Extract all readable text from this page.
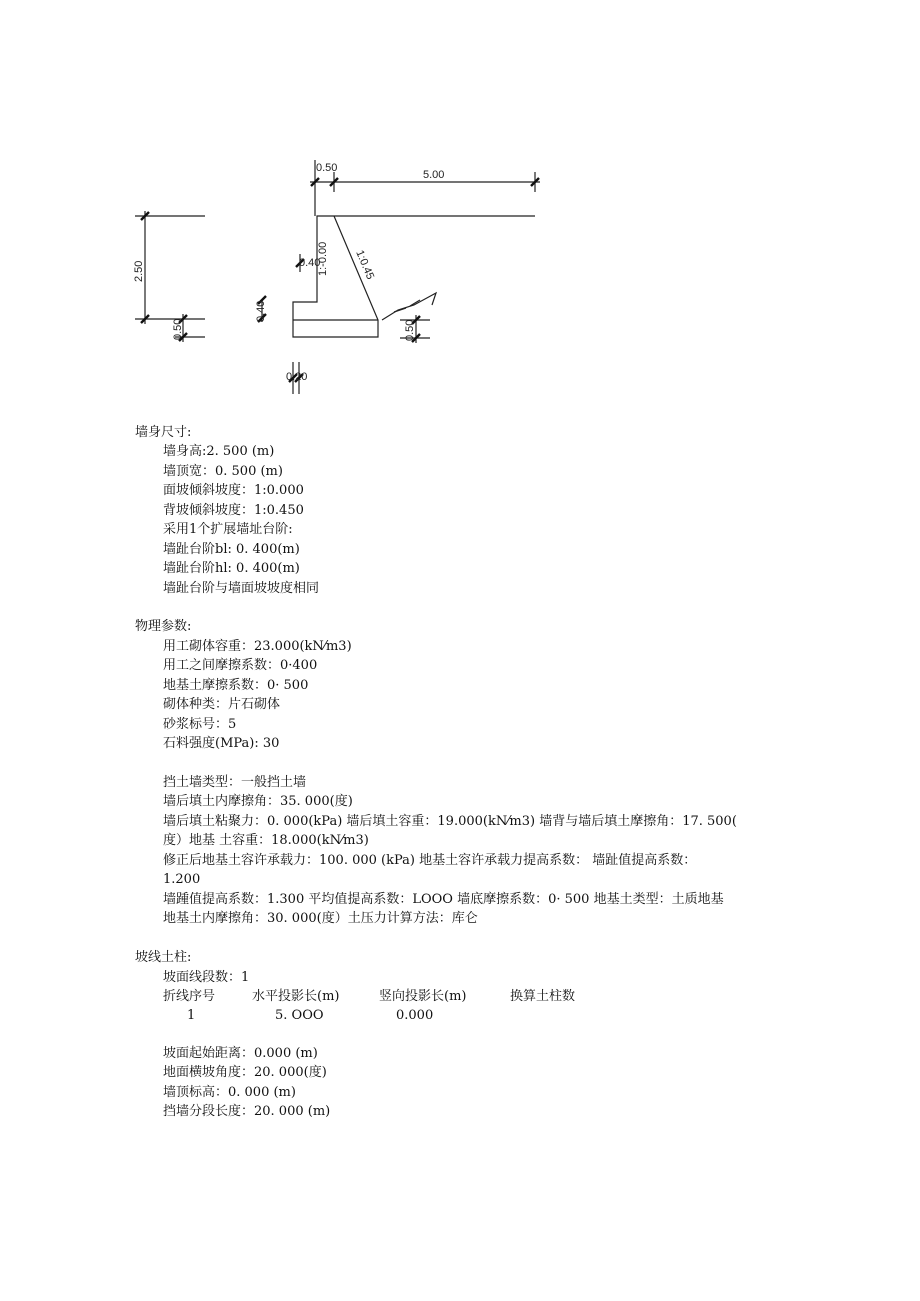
0.50
5.00
2.50
0.50
0.40
0.40
0.20
1:-0.00 1:0.45
0.50
墙身尺寸:
墙身高:2. 500 (m)
墙顶宽：0. 500 (m)
面坡倾斜坡度：1:0.000
背坡倾斜坡度：1:0.450
采用1个扩展墙址台阶:
墙趾台阶bl: 0. 400(m)
墙趾台阶hl: 0. 400(m)
墙趾台阶与墙面坡坡度相同
物理参数:
用工砌体容重：23.000(kN⁄m3)
用工之间摩擦系数：0·400
地基土摩擦系数：0· 500
砌体种类：片石砌体
砂浆标号：5
石料强度(MPa): 30
挡土墙类型：一般挡土墙
墙后填土内摩擦角：35. 000(度)
墙后填土粘聚力：0. 000(kPa) 墙后填土容重：19.000(kN⁄m3) 墙背与墙后填土摩擦角：17. 500(
度）地基 土容重：18.000(kN⁄m3)
修正后地基土容许承载力：100. 000 (kPa) 地基土容许承载力提高系数： 墙趾值提高系数：
1.200
墙踵值提高系数：1.300 平均值提高系数：LOOO 墙底摩擦系数：0· 500 地基土类型：土质地基
地基土内摩擦角：30. 000(度）土压力计算方法：库仑
坡线土柱:
坡面线段数：1
折线序号	水平投影长(m)	竖向投影长(m)	换算土柱数
1	5. OOO	0.000
坡面起始距离：0.000 (m)
地面横坡角度：20. 000(度)
墙顶标高：0. 000 (m)
挡墙分段长度：20. 000 (m)
